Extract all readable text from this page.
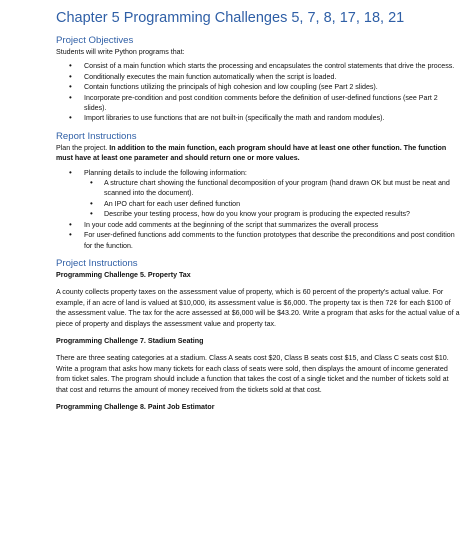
Chapter 5 Programming Challenges 5, 7, 8, 17, 18, 21
Project Objectives

Students will write Python programs that:

• Consist of a main function which starts the processing and encapsulates the control statements that drive the process.
• Conditionally executes the main function automatically when the script is loaded.
• Contain functions utilizing the principals of high cohesion and low coupling (see Part 2 slides).
• Incorporate pre-condition and post condition comments before the definition of user-defined functions (see Part 2 slides).
• Import libraries to use functions that are not built-in (specifically the math and random modules).
Report Instructions

Plan the project. In addition to the main function, each program should have at least one other function. The function must have at least one parameter and should return one or more values.

• Planning details to include the following information:
• A structure chart showing the functional decomposition of your program (hand drawn OK but must be neat and scanned into the document).
• An IPO chart for each user defined function
• Describe your testing process, how do you know your program is producing the expected results?
• In your code add comments at the beginning of the script that summarizes the overall process
• For user-defined functions add comments to the function prototypes that describe the preconditions and post condition for the function.
Project Instructions

Programming Challenge 5. Property Tax

A county collects property taxes on the assessment value of property, which is 60 percent of the property's actual value. For example, if an acre of land is valued at $10,000, its assessment value is $6,000. The property tax is then 72¢ for each $100 of the assessment value. The tax for the acre assessed at $6,000 will be $43.20. Write a program that asks for the actual value of a piece of property and displays the assessment value and property tax.

Programming Challenge 7. Stadium Seating

There are three seating categories at a stadium. Class A seats cost $20, Class B seats cost $15, and Class C seats cost $10. Write a program that asks how many tickets for each class of seats were sold, then displays the amount of income generated from ticket sales. The program should include a function that takes the cost of a single ticket and the number of tickets sold at that cost and returns the amount of money received from the tickets sold at that cost.

Programming Challenge 8. Paint Job Estimator
